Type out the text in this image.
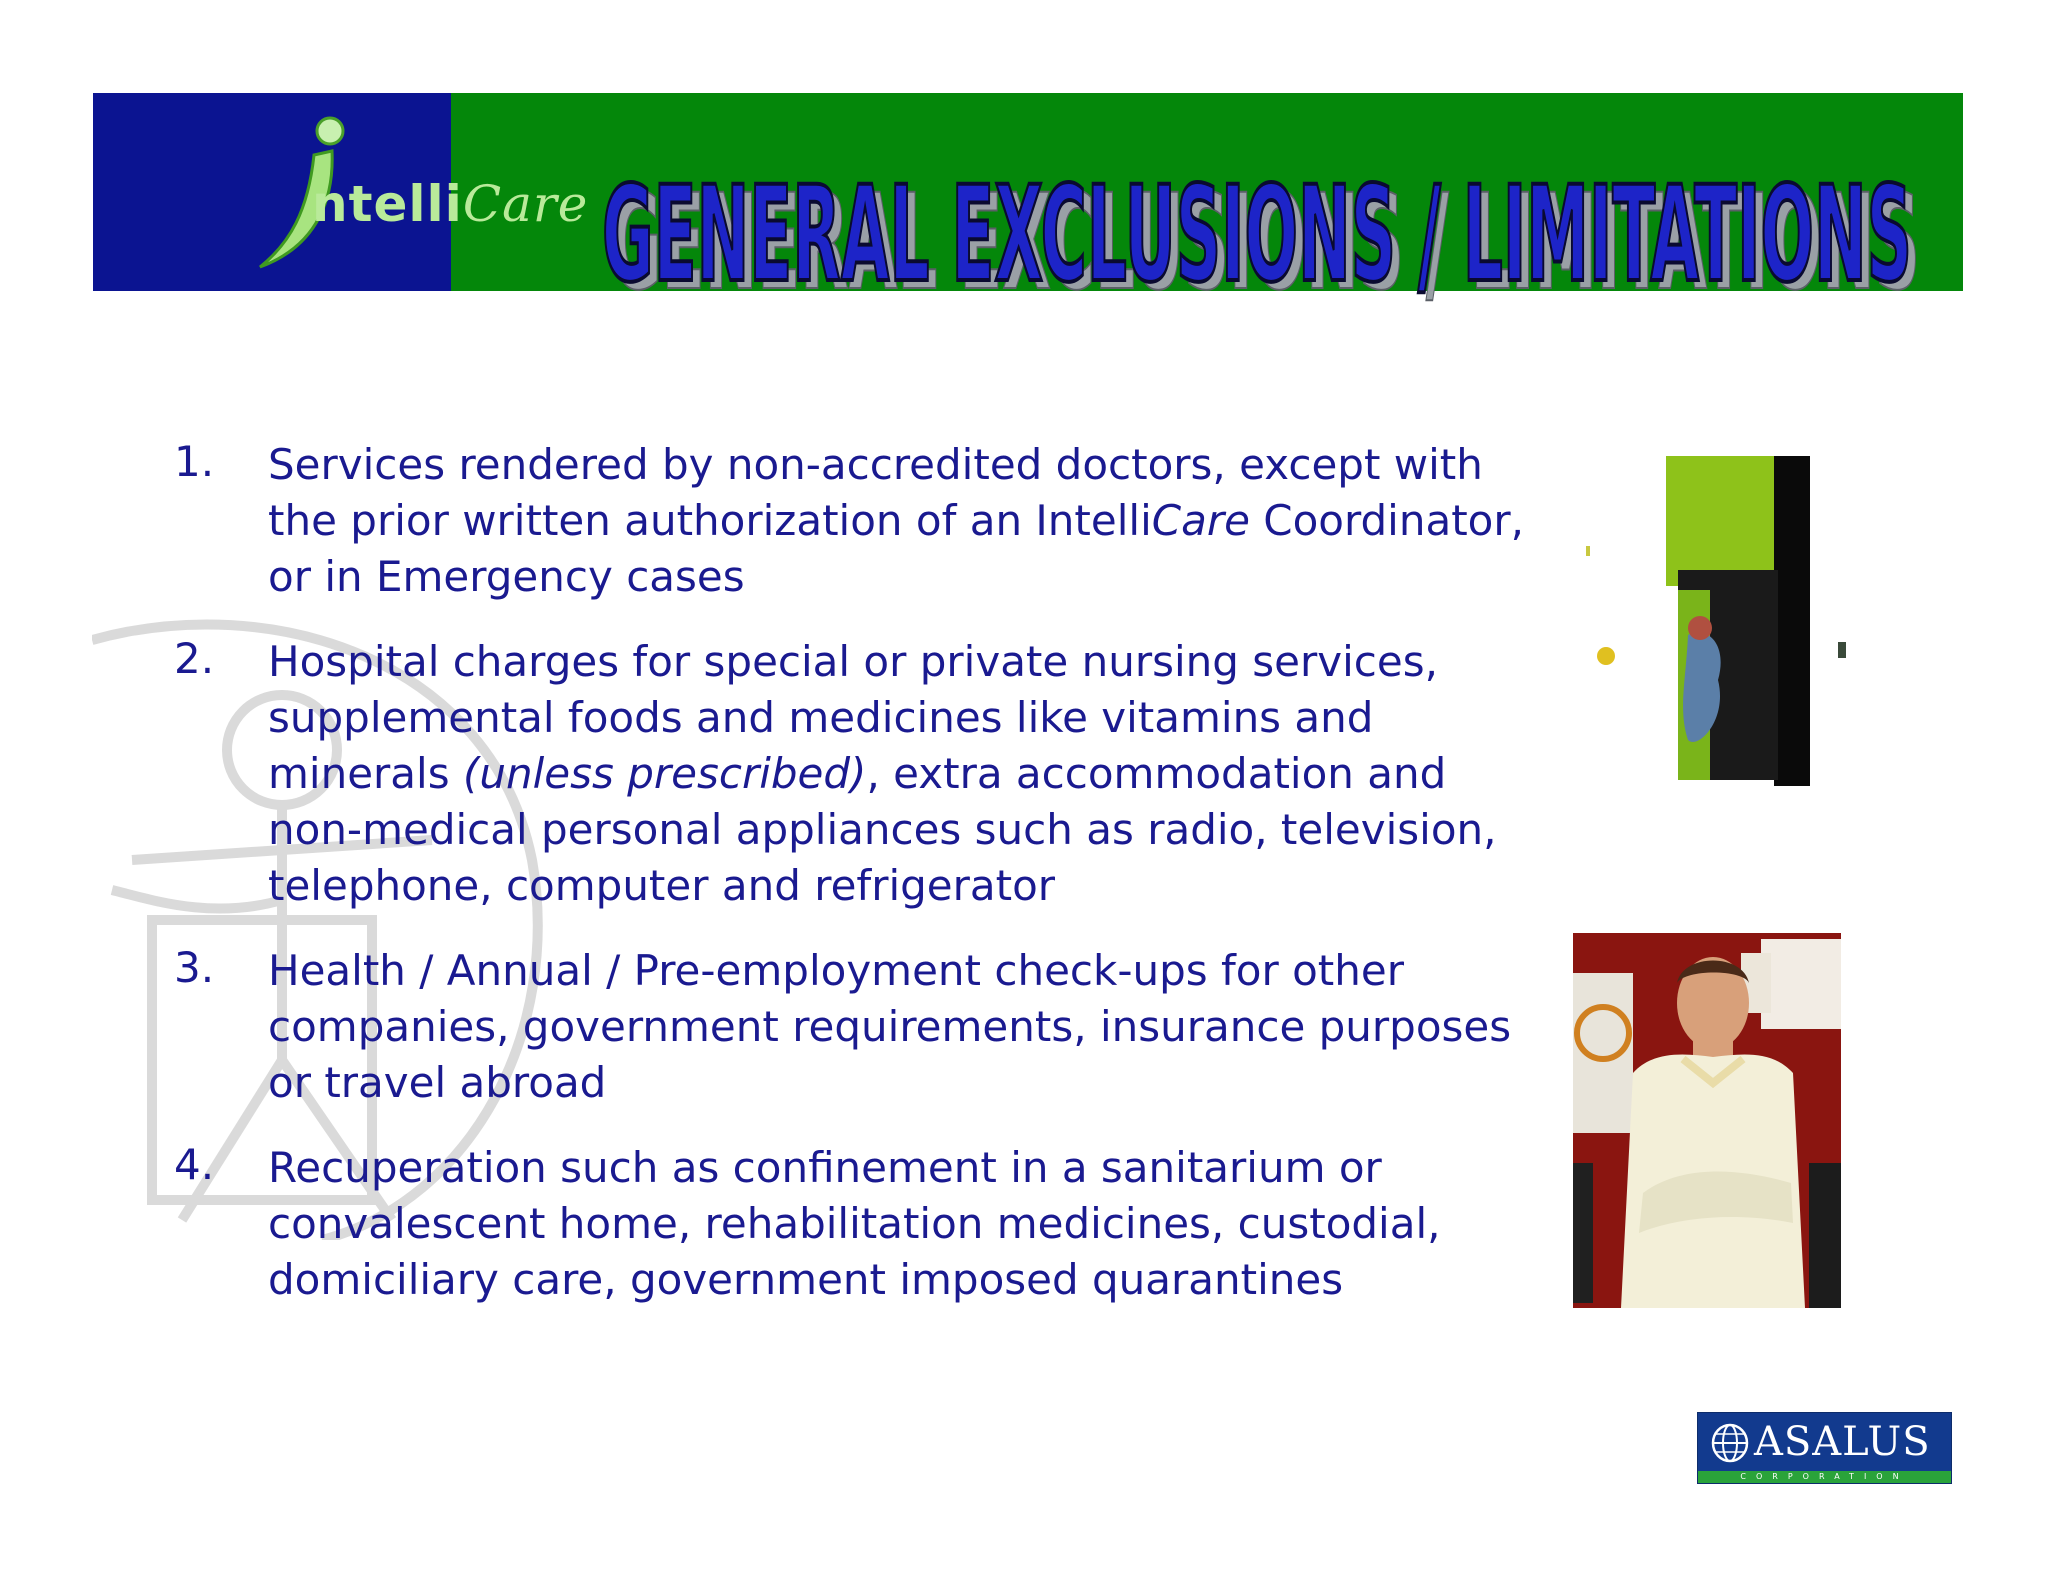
ntelliCare GENERAL EXCLUSIONS / LIMITATIONS
GENERAL EXCLUSIONS / LIMITATIONS
1. Services rendered by non-accredited doctors, except with the prior written authorization of an IntelliCare Coordinator, or in Emergency cases
2. Hospital charges for special or private nursing services, supplemental foods and medicines like vitamins and minerals (unless prescribed), extra accommodation and non-medical personal appliances such as radio, television, telephone, computer and refrigerator
3. Health / Annual / Pre-employment check-ups for other companies, government requirements, insurance purposes or travel abroad
4. Recuperation such as confinement in a sanitarium or convalescent home, rehabilitation medicines, custodial, domiciliary care, government imposed quarantines
ASALUS
CORPORATION
